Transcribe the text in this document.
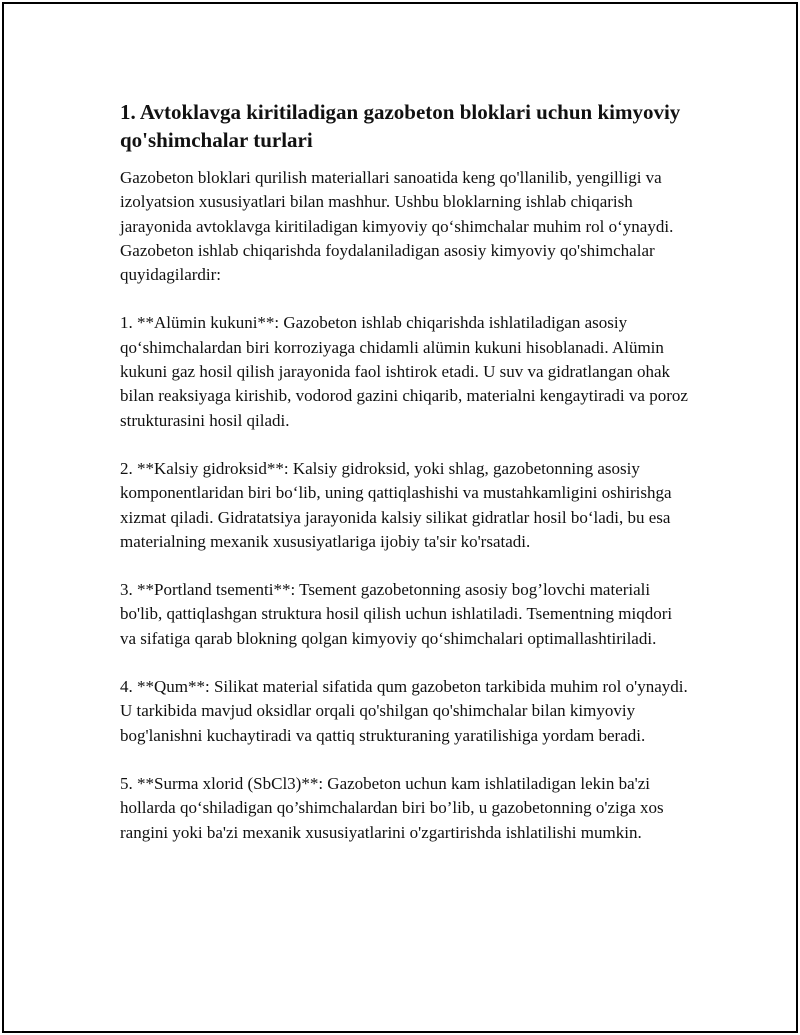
1. Avtoklavga kiritiladigan gazobeton bloklari uchun kimyoviy qo'shimchalar turlari

Gazobeton bloklari qurilish materiallari sanoatida keng qo'llanilib, yengilligi va izolyatsion xususiyatlari bilan mashhur. Ushbu bloklarning ishlab chiqarish jarayonida avtoklavga kiritiladigan kimyoviy qo‘shimchalar muhim rol o‘ynaydi. Gazobeton ishlab chiqarishda foydalaniladigan asosiy kimyoviy qo'shimchalar quyidagilardir:

1. **Alümin kukuni**: Gazobeton ishlab chiqarishda ishlatiladigan asosiy qo‘shimchalardan biri korroziyaga chidamli alümin kukuni hisoblanadi. Alümin kukuni gaz hosil qilish jarayonida faol ishtirok etadi. U suv va gidratlangan ohak bilan reaksiyaga kirishib, vodorod gazini chiqarib, materialni kengaytiradi va poroz strukturasini hosil qiladi.

2. **Kalsiy gidroksid**: Kalsiy gidroksid, yoki shlag, gazobetonning asosiy komponentlaridan biri bo‘lib, uning qattiqlashishi va mustahkamligini oshirishga xizmat qiladi. Gidratatsiya jarayonida kalsiy silikat gidratlar hosil bo‘ladi, bu esa materialning mexanik xususiyatlariga ijobiy ta'sir ko'rsatadi.

3. **Portland tsementi**: Tsement gazobetonning asosiy bog’lovchi materiali bo'lib, qattiqlashgan struktura hosil qilish uchun ishlatiladi. Tsementning miqdori va sifatiga qarab blokning qolgan kimyoviy qo‘shimchalari optimallashtiriladi.

4. **Qum**: Silikat material sifatida qum gazobeton tarkibida muhim rol o'ynaydi. U tarkibida mavjud oksidlar orqali qo'shilgan qo'shimchalar bilan kimyoviy bog'lanishni kuchaytiradi va qattiq strukturaning yaratilishiga yordam beradi.

5. **Surma xlorid (SbCl3)**: Gazobeton uchun kam ishlatiladigan lekin ba'zi hollarda qo‘shiladigan qo’shimchalardan biri bo’lib, u gazobetonning o'ziga xos rangini yoki ba'zi mexanik xususiyatlarini o'zgartirishda ishlatilishi mumkin.
